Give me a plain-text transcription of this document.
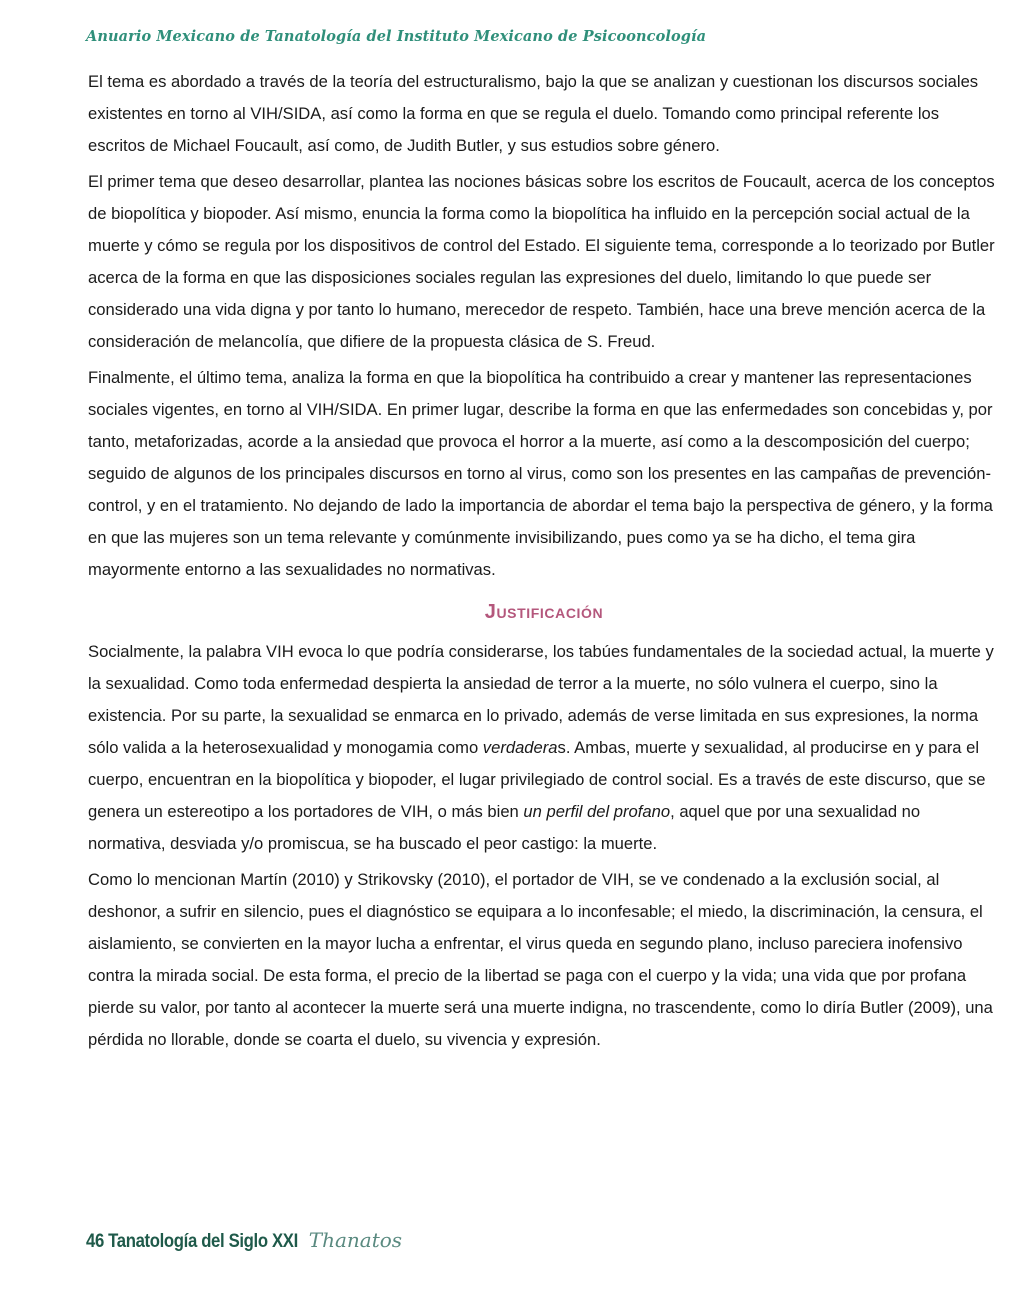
Anuario Mexicano de Tanatología del Instituto Mexicano de Psicooncología

El tema es abordado a través de la teoría del estructuralismo, bajo la que se analizan y cuestionan los discursos sociales existentes en torno al VIH/SIDA, así como la forma en que se regula el duelo. Tomando como principal referente los escritos de Michael Foucault, así como, de Judith Butler, y sus estudios sobre género.

El primer tema que deseo desarrollar, plantea las nociones básicas sobre los escritos de Foucault, acerca de los conceptos de biopolítica y biopoder. Así mismo, enuncia la forma como la biopolítica ha influido en la percepción social actual de la muerte y cómo se regula por los dispositivos de control del Estado. El siguiente tema, corresponde a lo teorizado por Butler acerca de la forma en que las disposiciones sociales regulan las expresiones del duelo, limitando lo que puede ser considerado una vida digna y por tanto lo humano, merecedor de respeto. También, hace una breve mención acerca de la consideración de melancolía, que difiere de la propuesta clásica de S. Freud.

Finalmente, el último tema, analiza la forma en que la biopolítica ha contribuido a crear y mantener las representaciones sociales vigentes, en torno al VIH/SIDA. En primer lugar, describe la forma en que las enfermedades son concebidas y, por tanto, metaforizadas, acorde a la ansiedad que provoca el horror a la muerte, así como a la descomposición del cuerpo; seguido de algunos de los principales discursos en torno al virus, como son los presentes en las campañas de prevención-control, y en el tratamiento. No dejando de lado la importancia de abordar el tema bajo la perspectiva de género, y la forma en que las mujeres son un tema relevante y comúnmente invisibilizando, pues como ya se ha dicho, el tema gira mayormente entorno a las sexualidades no normativas.

Justificación

Socialmente, la palabra VIH evoca lo que podría considerarse, los tabúes fundamentales de la sociedad actual, la muerte y la sexualidad. Como toda enfermedad despierta la ansiedad de terror a la muerte, no sólo vulnera el cuerpo, sino la existencia. Por su parte, la sexualidad se enmarca en lo privado, además de verse limitada en sus expresiones, la norma sólo valida a la heterosexualidad y monogamia como verdaderas. Ambas, muerte y sexualidad, al producirse en y para el cuerpo, encuentran en la biopolítica y biopoder, el lugar privilegiado de control social. Es a través de este discurso, que se genera un estereotipo a los portadores de VIH, o más bien un perfil del profano, aquel que por una sexualidad no normativa, desviada y/o promiscua, se ha buscado el peor castigo: la muerte.

Como lo mencionan Martín (2010) y Strikovsky (2010), el portador de VIH, se ve condenado a la exclusión social, al deshonor, a sufrir en silencio, pues el diagnóstico se equipara a lo inconfesable; el miedo, la discriminación, la censura, el aislamiento, se convierten en la mayor lucha a enfrentar, el virus queda en segundo plano, incluso pareciera inofensivo contra la mirada social. De esta forma, el precio de la libertad se paga con el cuerpo y la vida; una vida que por profana pierde su valor, por tanto al acontecer la muerte será una muerte indigna, no trascendente, como lo diría Butler (2009), una pérdida no llorable, donde se coarta el duelo, su vivencia y expresión.

46 Tanatología del Siglo XXI Thanatos
